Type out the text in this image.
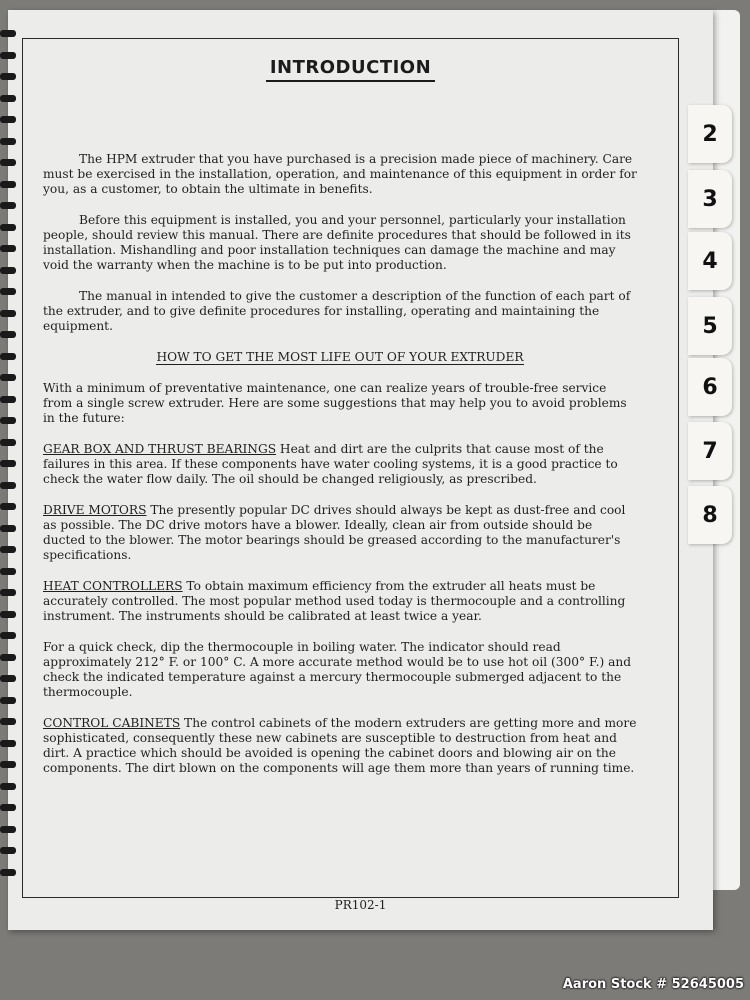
INTRODUCTION

The HPM extruder that you have purchased is a precision made piece of machinery. Care must be exercised in the installation, operation, and maintenance of this equipment in order for you, as a customer, to obtain the ultimate in benefits.

Before this equipment is installed, you and your personnel, particularly your installation people, should review this manual. There are definite procedures that should be followed in its installation. Mishandling and poor installation techniques can damage the machine and may void the warranty when the machine is to be put into production.

The manual in intended to give the customer a description of the function of each part of the extruder, and to give definite procedures for installing, operating and maintaining the equipment.

HOW TO GET THE MOST LIFE OUT OF YOUR EXTRUDER

With a minimum of preventative maintenance, one can realize years of trouble-free service from a single screw extruder. Here are some suggestions that may help you to avoid problems in the future:

GEAR BOX AND THRUST BEARINGS Heat and dirt are the culprits that cause most of the failures in this area. If these components have water cooling systems, it is a good practice to check the water flow daily. The oil should be changed religiously, as prescribed.

DRIVE MOTORS The presently popular DC drives should always be kept as dust-free and cool as possible. The DC drive motors have a blower. Ideally, clean air from outside should be ducted to the blower. The motor bearings should be greased according to the manufacturer's specifications.

HEAT CONTROLLERS To obtain maximum efficiency from the extruder all heats must be accurately controlled. The most popular method used today is thermocouple and a controlling instrument. The instruments should be calibrated at least twice a year.

For a quick check, dip the thermocouple in boiling water. The indicator should read approximately 212° F. or 100° C. A more accurate method would be to use hot oil (300° F.) and check the indicated temperature against a mercury thermocouple submerged adjacent to the thermocouple.

CONTROL CABINETS The control cabinets of the modern extruders are getting more and more sophisticated, consequently these new cabinets are susceptible to destruction from heat and dirt. A practice which should be avoided is opening the cabinet doors and blowing air on the components. The dirt blown on the components will age them more than years of running time.

PR102-1
2
3
4
5
6
7
8
Aaron Stock # 52645005
